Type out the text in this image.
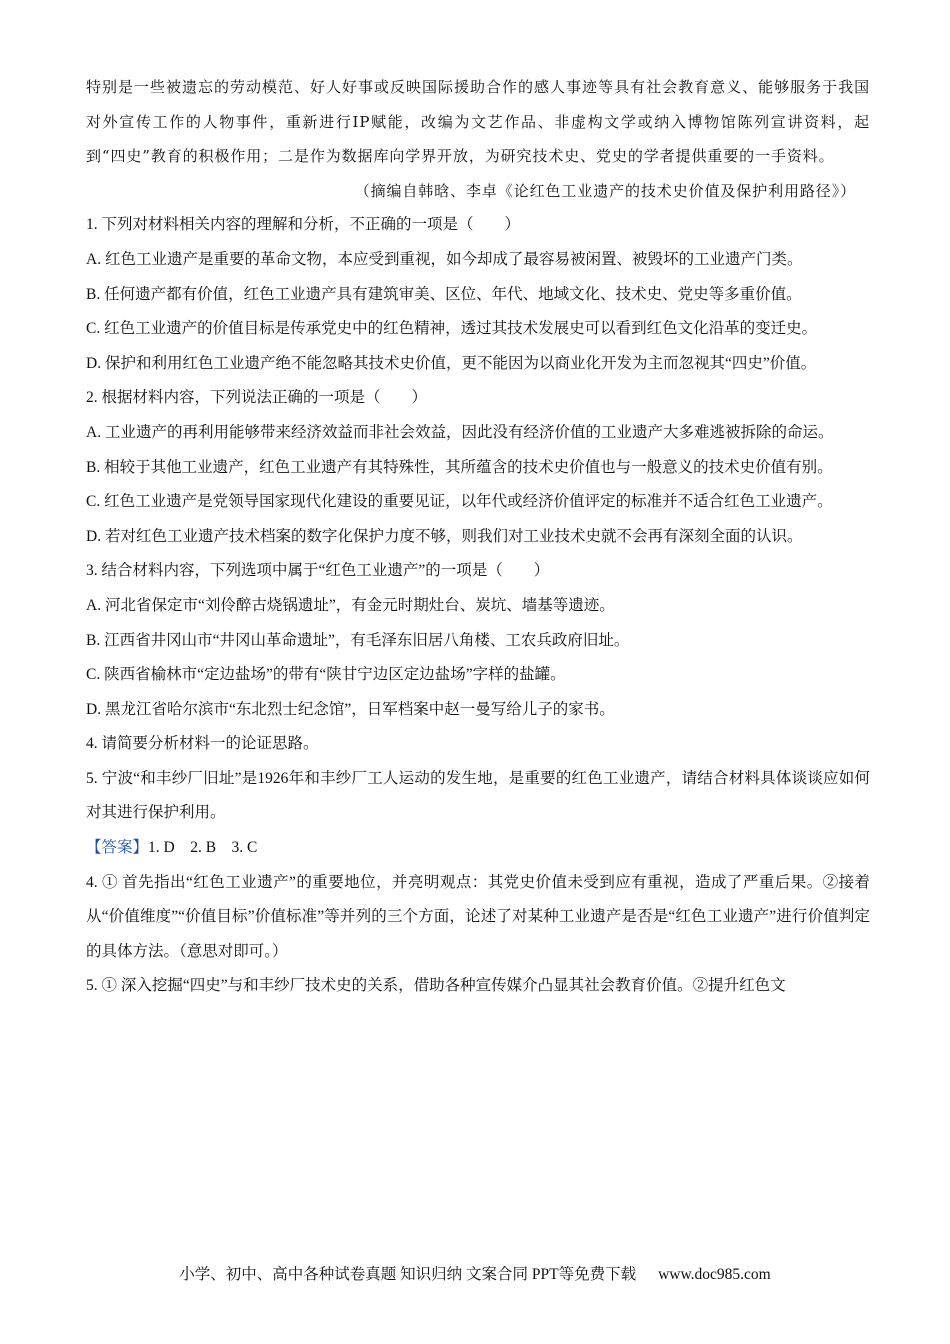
特别是一些被遗忘的劳动模范、好人好事或反映国际援助合作的感人事迹等具有社会教育意义、能够服务于我国对外宣传工作的人物事件，重新进行IP赋能，改编为文艺作品、非虚构文学或纳入博物馆陈列宣讲资料，起到“四史”教育的积极作用；二是作为数据库向学界开放，为研究技术史、党史的学者提供重要的一手资料。

（摘编自韩晗、李卓《论红色工业遗产的技术史价值及保护利用路径》）

1. 下列对材料相关内容的理解和分析，不正确的一项是（　　）

A. 红色工业遗产是重要的革命文物，本应受到重视，如今却成了最容易被闲置、被毁坏的工业遗产门类。

B. 任何遗产都有价值，红色工业遗产具有建筑审美、区位、年代、地域文化、技术史、党史等多重价值。

C. 红色工业遗产的价值目标是传承党史中的红色精神，透过其技术发展史可以看到红色文化沿革的变迁史。

D. 保护和利用红色工业遗产绝不能忽略其技术史价值，更不能因为以商业化开发为主而忽视其“四史”价值。

2. 根据材料内容，下列说法正确的一项是（　　）

A. 工业遗产的再利用能够带来经济效益而非社会效益，因此没有经济价值的工业遗产大多难逃被拆除的命运。

B. 相较于其他工业遗产，红色工业遗产有其特殊性，其所蕴含的技术史价值也与一般意义的技术史价值有别。

C. 红色工业遗产是党领导国家现代化建设的重要见证，以年代或经济价值评定的标准并不适合红色工业遗产。

D. 若对红色工业遗产技术档案的数字化保护力度不够，则我们对工业技术史就不会再有深刻全面的认识。

3. 结合材料内容，下列选项中属于“红色工业遗产”的一项是（　　）

A. 河北省保定市“刘伶醉古烧锅遗址”，有金元时期灶台、炭坑、墙基等遗迹。

B. 江西省井冈山市“井冈山革命遗址”，有毛泽东旧居八角楼、工农兵政府旧址。

C. 陕西省榆林市“定边盐场”的带有“陕甘宁边区定边盐场”字样的盐罐。

D. 黑龙江省哈尔滨市“东北烈士纪念馆”，日军档案中赵一曼写给儿子的家书。

4. 请简要分析材料一的论证思路。

5. 宁波“和丰纱厂旧址”是1926年和丰纱厂工人运动的发生地，是重要的红色工业遗产，请结合材料具体谈谈应如何对其进行保护利用。

【答案】1. D　2. B　3. C

4. ① 首先指出“红色工业遗产”的重要地位，并亮明观点：其党史价值未受到应有重视，造成了严重后果。②接着从“价值维度”“价值目标”价值标准”等并列的三个方面，论述了对某种工业遗产是否是“红色工业遗产”进行价值判定的具体方法。（意思对即可。）

5. ① 深入挖掘“四史”与和丰纱厂技术史的关系，借助各种宣传媒介凸显其社会教育价值。②提升红色文

小学、初中、高中各种试卷真题 知识归纳 文案合同 PPT等免费下载 www.doc985.com
